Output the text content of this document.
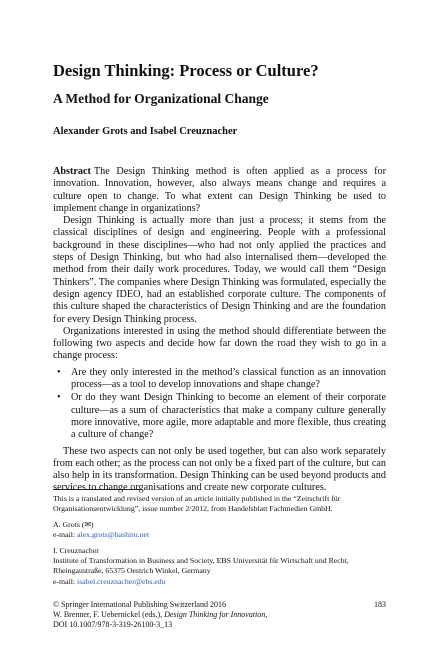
Design Thinking: Process or Culture?
A Method for Organizational Change
Alexander Grots and Isabel Creuznacher

Abstract The Design Thinking method is often applied as a process for innovation. Innovation, however, also always means change and requires a culture open to change. To what extent can Design Thinking be used to implement change in organizations?

Design Thinking is actually more than just a process; it stems from the classical disciplines of design and engineering. People with a professional background in these disciplines—who had not only applied the practices and steps of Design Thinking, but who had also internalised them—developed the method from their daily work procedures. Today, we would call them “Design Thinkers”. The companies where Design Thinking was formulated, especially the design agency IDEO, had an established corporate culture. The components of this culture shaped the characteristics of Design Thinking and are the foundation for every Design Thinking process.

Organizations interested in using the method should differentiate between the following two aspects and decide how far down the road they wish to go in a change process:

• Are they only interested in the method’s classical function as an innovation process—as a tool to develop innovations and shape change?
• Or do they want Design Thinking to become an element of their corporate culture—as a sum of characteristics that make a company culture generally more innovative, more agile, more adaptable and more flexible, thus creating a culture of change?

These two aspects can not only be used together, but can also work separately from each other; as the process can not only be a fixed part of the culture, but can also help in its transformation. Design Thinking can be used beyond products and services to change organisations and create new corporate cultures.

This is a translated and revised version of an article initially published in the “Zeitschrift für Organisationsentwicklung”, issue number 2/2012, from Handelsblatt Fachmedien GmbH.
A. Grots (✉)
e-mail: alex.grots@bashiru.net
I. Creuznacher
Institute of Transformation in Business and Society, EBS Universität für Wirtschaft und Recht, Rheingaustraße, 65375 Oestrich Winkel, Germany
e-mail: isabel.creuznacher@ebs.edu
183
© Springer International Publishing Switzerland 2016
W. Brenner, F. Uebernickel (eds.), Design Thinking for Innovation,
DOI 10.1007/978-3-319-26100-3_13
